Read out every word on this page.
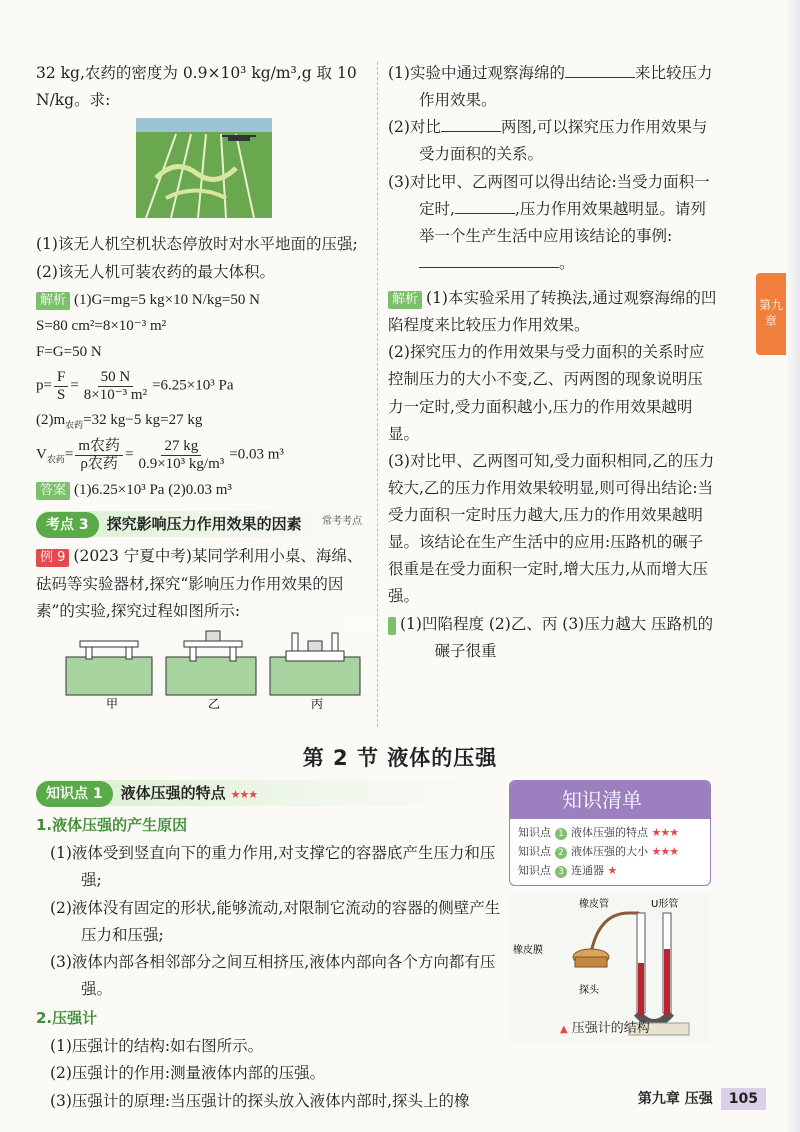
32 kg,农药的密度为 0.9×10³ kg/m³,g 取 10 N/kg。求:

(1)该无人机空机状态停放时对水平地面的压强;

(2)该无人机可装农药的最大体积。

解析 (1)G=mg=5 kg×10 N/kg=50 N

S=80 cm²=8×10⁻³ m²

F=G=50 N

$p= \frac{F}{S} = \frac{50 N}{\text{8×10⁻³ m²}} =6.25\times 10^3$ Pa

$(2)m_{农药}=32$ kg−5 kg=27 kg

$V_{农药}= \frac{\text{m农药}}{\text{ρ农药}} = \frac{27 kg}{\text{0.9×10³ kg/m³}} =0.03$ m³

答案 (1)6.25×10³ Pa (2)0.03 m³

考点 3 探究影响压力作用效果的因素 常考考点

例 9 (2023 宁夏中考)某同学利用小桌、海绵、砝码等实验器材,探究“影响压力作用效果的因素”的实验,探究过程如图所示:

甲	乙	丙

(1)实验中通过观察海绵的	来比较压力作用效果。

(2)对比	两图,可以探究压力作用效果与受力面积的关系。

(3)对比甲、乙两图可以得出结论:当受力面积一定时,	,压力作用效果越明显。请列举一个生产生活中应用该结论的事例:。

解析 (1)本实验采用了转换法,通过观察海绵的凹陷程度来比较压力作用效果。

(2)探究压力的作用效果与受力面积的关系时应控制压力的大小不变,乙、丙两图的现象说明压力一定时,受力面积越小,压力的作用效果越明显。

(3)对比甲、乙两图可知,受力面积相同,乙的压力较大,乙的压力作用效果较明显,则可得出结论:当受力面积一定时压力越大,压力的作用效果越明显。该结论在生产生活中的应用:压路机的碾子很重是在受力面积一定时,增大压力,从而增大压强。

答案 (1)凹陷程度 (2)乙、丙 (3)压力越大 压路机的碾子很重

第九章
第 2 节 液体的压强
知识点 1 液体压强的特点 ★★★

1.液体压强的产生原因

(1)液体受到竖直向下的重力作用,对支撑它的容器底产生压力和压强;

(2)液体没有固定的形状,能够流动,对限制它流动的容器的侧壁产生压力和压强;

(3)液体内部各相邻部分之间互相挤压,液体内部向各个方向都有压强。

2.压强计

(1)压强计的结构:如右图所示。

(2)压强计的作用:测量液体内部的压强。

(3)压强计的原理:当压强计的探头放入液体内部时,探头上的橡

知识清单
知识点 1 液体压强的特点 ★★★
知识点 2 液体压强的大小 ★★★
知识点 3 连通器 ★
橡皮管	U形管
橡皮膜
探头
▲ 压强计的结构
第九章 压强	105
